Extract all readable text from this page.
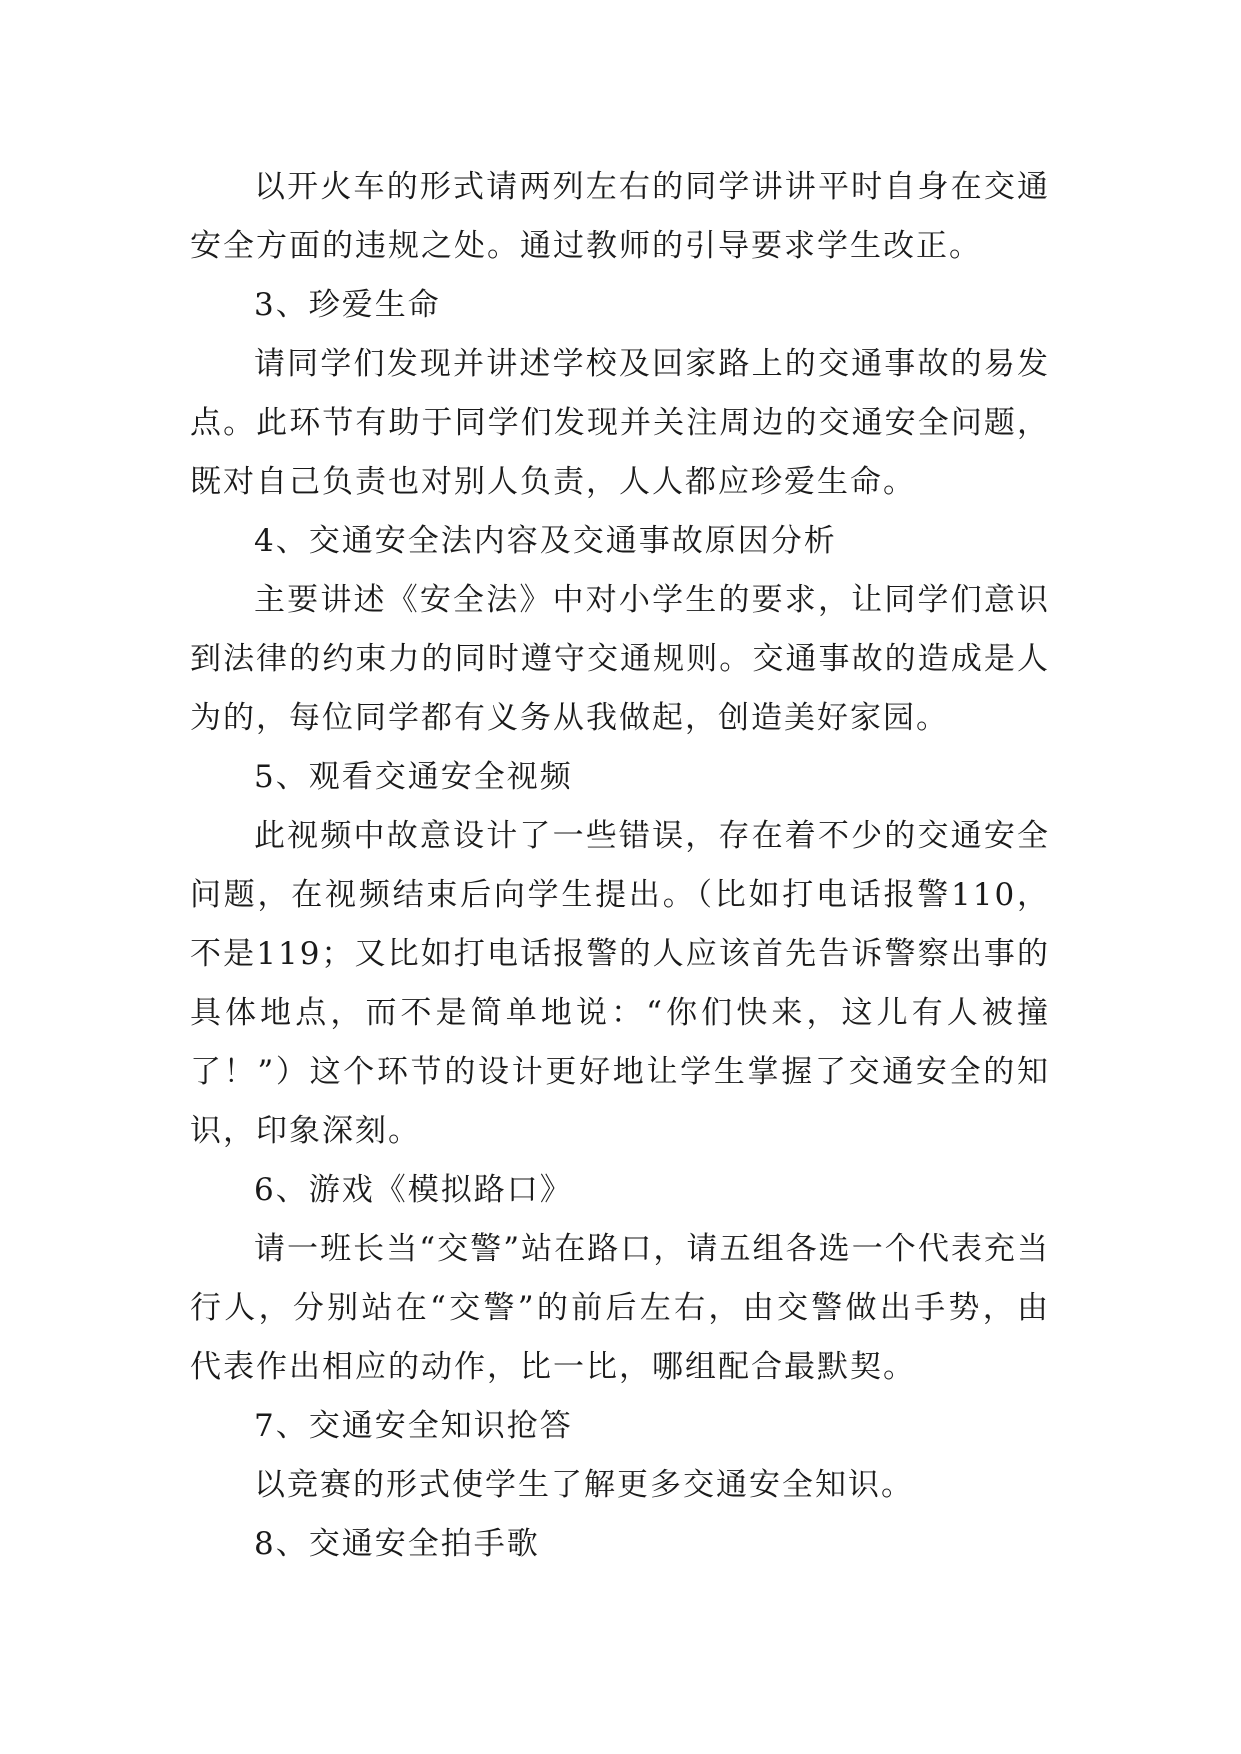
以开火车的形式请两列左右的同学讲讲平时自身在交通安全方面的违规之处。通过教师的引导要求学生改正。

3、珍爱生命

请同学们发现并讲述学校及回家路上的交通事故的易发点。此环节有助于同学们发现并关注周边的交通安全问题，既对自己负责也对别人负责，人人都应珍爱生命。

4、交通安全法内容及交通事故原因分析

主要讲述《安全法》中对小学生的要求，让同学们意识到法律的约束力的同时遵守交通规则。交通事故的造成是人为的，每位同学都有义务从我做起，创造美好家园。

5、观看交通安全视频

此视频中故意设计了一些错误，存在着不少的交通安全问题，在视频结束后向学生提出。（比如打电话报警110，不是119；又比如打电话报警的人应该首先告诉警察出事的具体地点，而不是简单地说：“你们快来，这儿有人被撞了！”）这个环节的设计更好地让学生掌握了交通安全的知识，印象深刻。

6、游戏《模拟路口》

请一班长当“交警”站在路口，请五组各选一个代表充当行人，分别站在“交警”的前后左右，由交警做出手势，由代表作出相应的动作，比一比，哪组配合最默契。

7、交通安全知识抢答

以竞赛的形式使学生了解更多交通安全知识。

8、交通安全拍手歌
